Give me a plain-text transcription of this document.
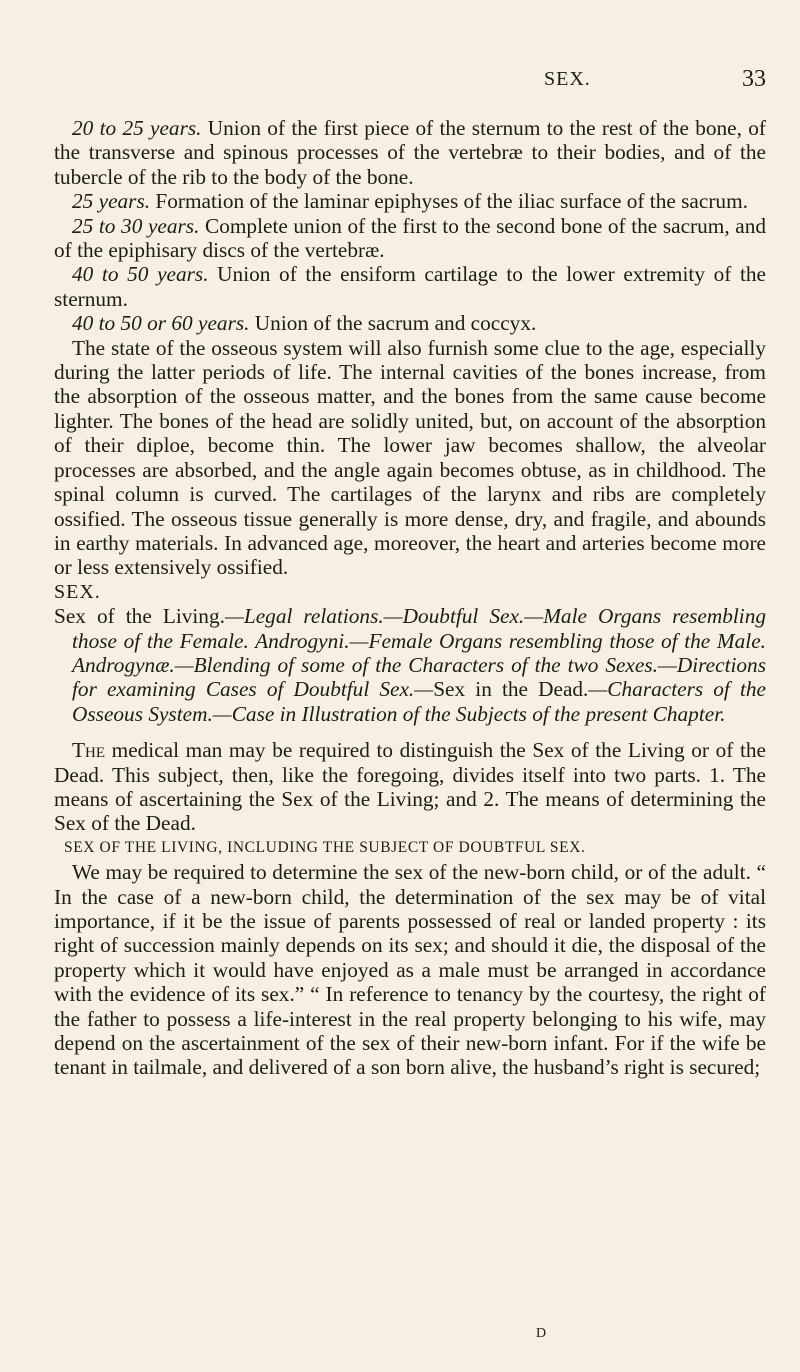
SEX.	33

20 to 25 years. Union of the first piece of the sternum to the rest of the bone, of the transverse and spinous processes of the vertebræ to their bodies, and of the tubercle of the rib to the body of the bone.

25 years. Formation of the laminar epiphyses of the iliac surface of the sacrum.

25 to 30 years. Complete union of the first to the second bone of the sacrum, and of the epiphisary discs of the vertebræ.

40 to 50 years. Union of the ensiform cartilage to the lower extremity of the sternum.

40 to 50 or 60 years. Union of the sacrum and coccyx.

The state of the osseous system will also furnish some clue to the age, especially during the latter periods of life. The internal cavities of the bones increase, from the absorption of the osseous matter, and the bones from the same cause become lighter. The bones of the head are solidly united, but, on account of the absorption of their diploe, become thin. The lower jaw becomes shallow, the alveolar processes are absorbed, and the angle again becomes obtuse, as in childhood. The spinal column is curved. The cartilages of the larynx and ribs are completely ossified. The osseous tissue generally is more dense, dry, and fragile, and abounds in earthy materials. In advanced age, moreover, the heart and arteries become more or less extensively ossified.

SEX.

Sex of the Living.—Legal relations.—Doubtful Sex.—Male Organs resembling those of the Female. Androgyni.—Female Organs resembling those of the Male. Androgynæ.—Blending of some of the Characters of the two Sexes.—Directions for examining Cases of Doubtful Sex.—Sex in the Dead.—Characters of the Osseous System.—Case in Illustration of the Subjects of the present Chapter.

The medical man may be required to distinguish the Sex of the Living or of the Dead. This subject, then, like the foregoing, divides itself into two parts. 1. The means of ascertaining the Sex of the Living; and 2. The means of determining the Sex of the Dead.

SEX OF THE LIVING, INCLUDING THE SUBJECT OF DOUBTFUL SEX.

We may be required to determine the sex of the new-born child, or of the adult. “ In the case of a new-born child, the determination of the sex may be of vital importance, if it be the issue of parents possessed of real or landed property : its right of succession mainly depends on its sex; and should it die, the disposal of the property which it would have enjoyed as a male must be arranged in accordance with the evidence of its sex.” “ In reference to tenancy by the courtesy, the right of the father to possess a life-interest in the real property belonging to his wife, may depend on the ascertainment of the sex of their new-born infant. For if the wife be tenant in tailmale, and delivered of a son born alive, the husband’s right is secured;

D
